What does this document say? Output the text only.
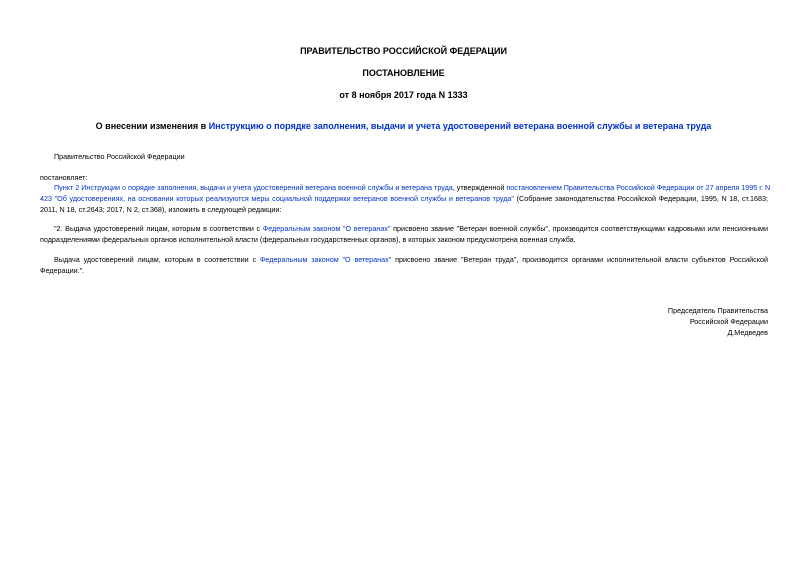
ПРАВИТЕЛЬСТВО РОССИЙСКОЙ ФЕДЕРАЦИИ
ПОСТАНОВЛЕНИЕ
от 8 ноября 2017 года N 1333
О внесении изменения в Инструкцию о порядке заполнения, выдачи и учета удостоверений ветерана военной службы и ветерана труда
Правительство Российской Федерации
постановляет:
Пункт 2 Инструкции о порядке заполнения, выдачи и учета удостоверений ветерана военной службы и ветерана труда, утвержденной постановлением Правительства Российской Федерации от 27 апреля 1995 г. N
423 "Об удостоверениях, на основании которых реализуются меры социальной поддержки ветеранов военной службы и ветеранов труда" (Собрание законодательства Российской Федерации, 1995, N 18, ст.1683;
2011, N 18, ст.2643; 2017, N 2, ст.368), изложить в следующей редакции:
"2. Выдача удостоверений лицам, которым в соответствии с Федеральным законом "О ветеранах" присвоено звание "Ветеран военной службы", производится соответствующими кадровыми или пенсионными
подразделениями федеральных органов исполнительной власти (федеральных государственных органов), в которых законом предусмотрена военная служба.
Выдача удостоверений лицам, которым в соответствии с Федеральным законом "О ветеранах" присвоено звание "Ветеран труда", производится органами исполнительной власти субъектов Российской
Федерации.".
Председатель Правительства
Российской Федерации
Д.Медведев
